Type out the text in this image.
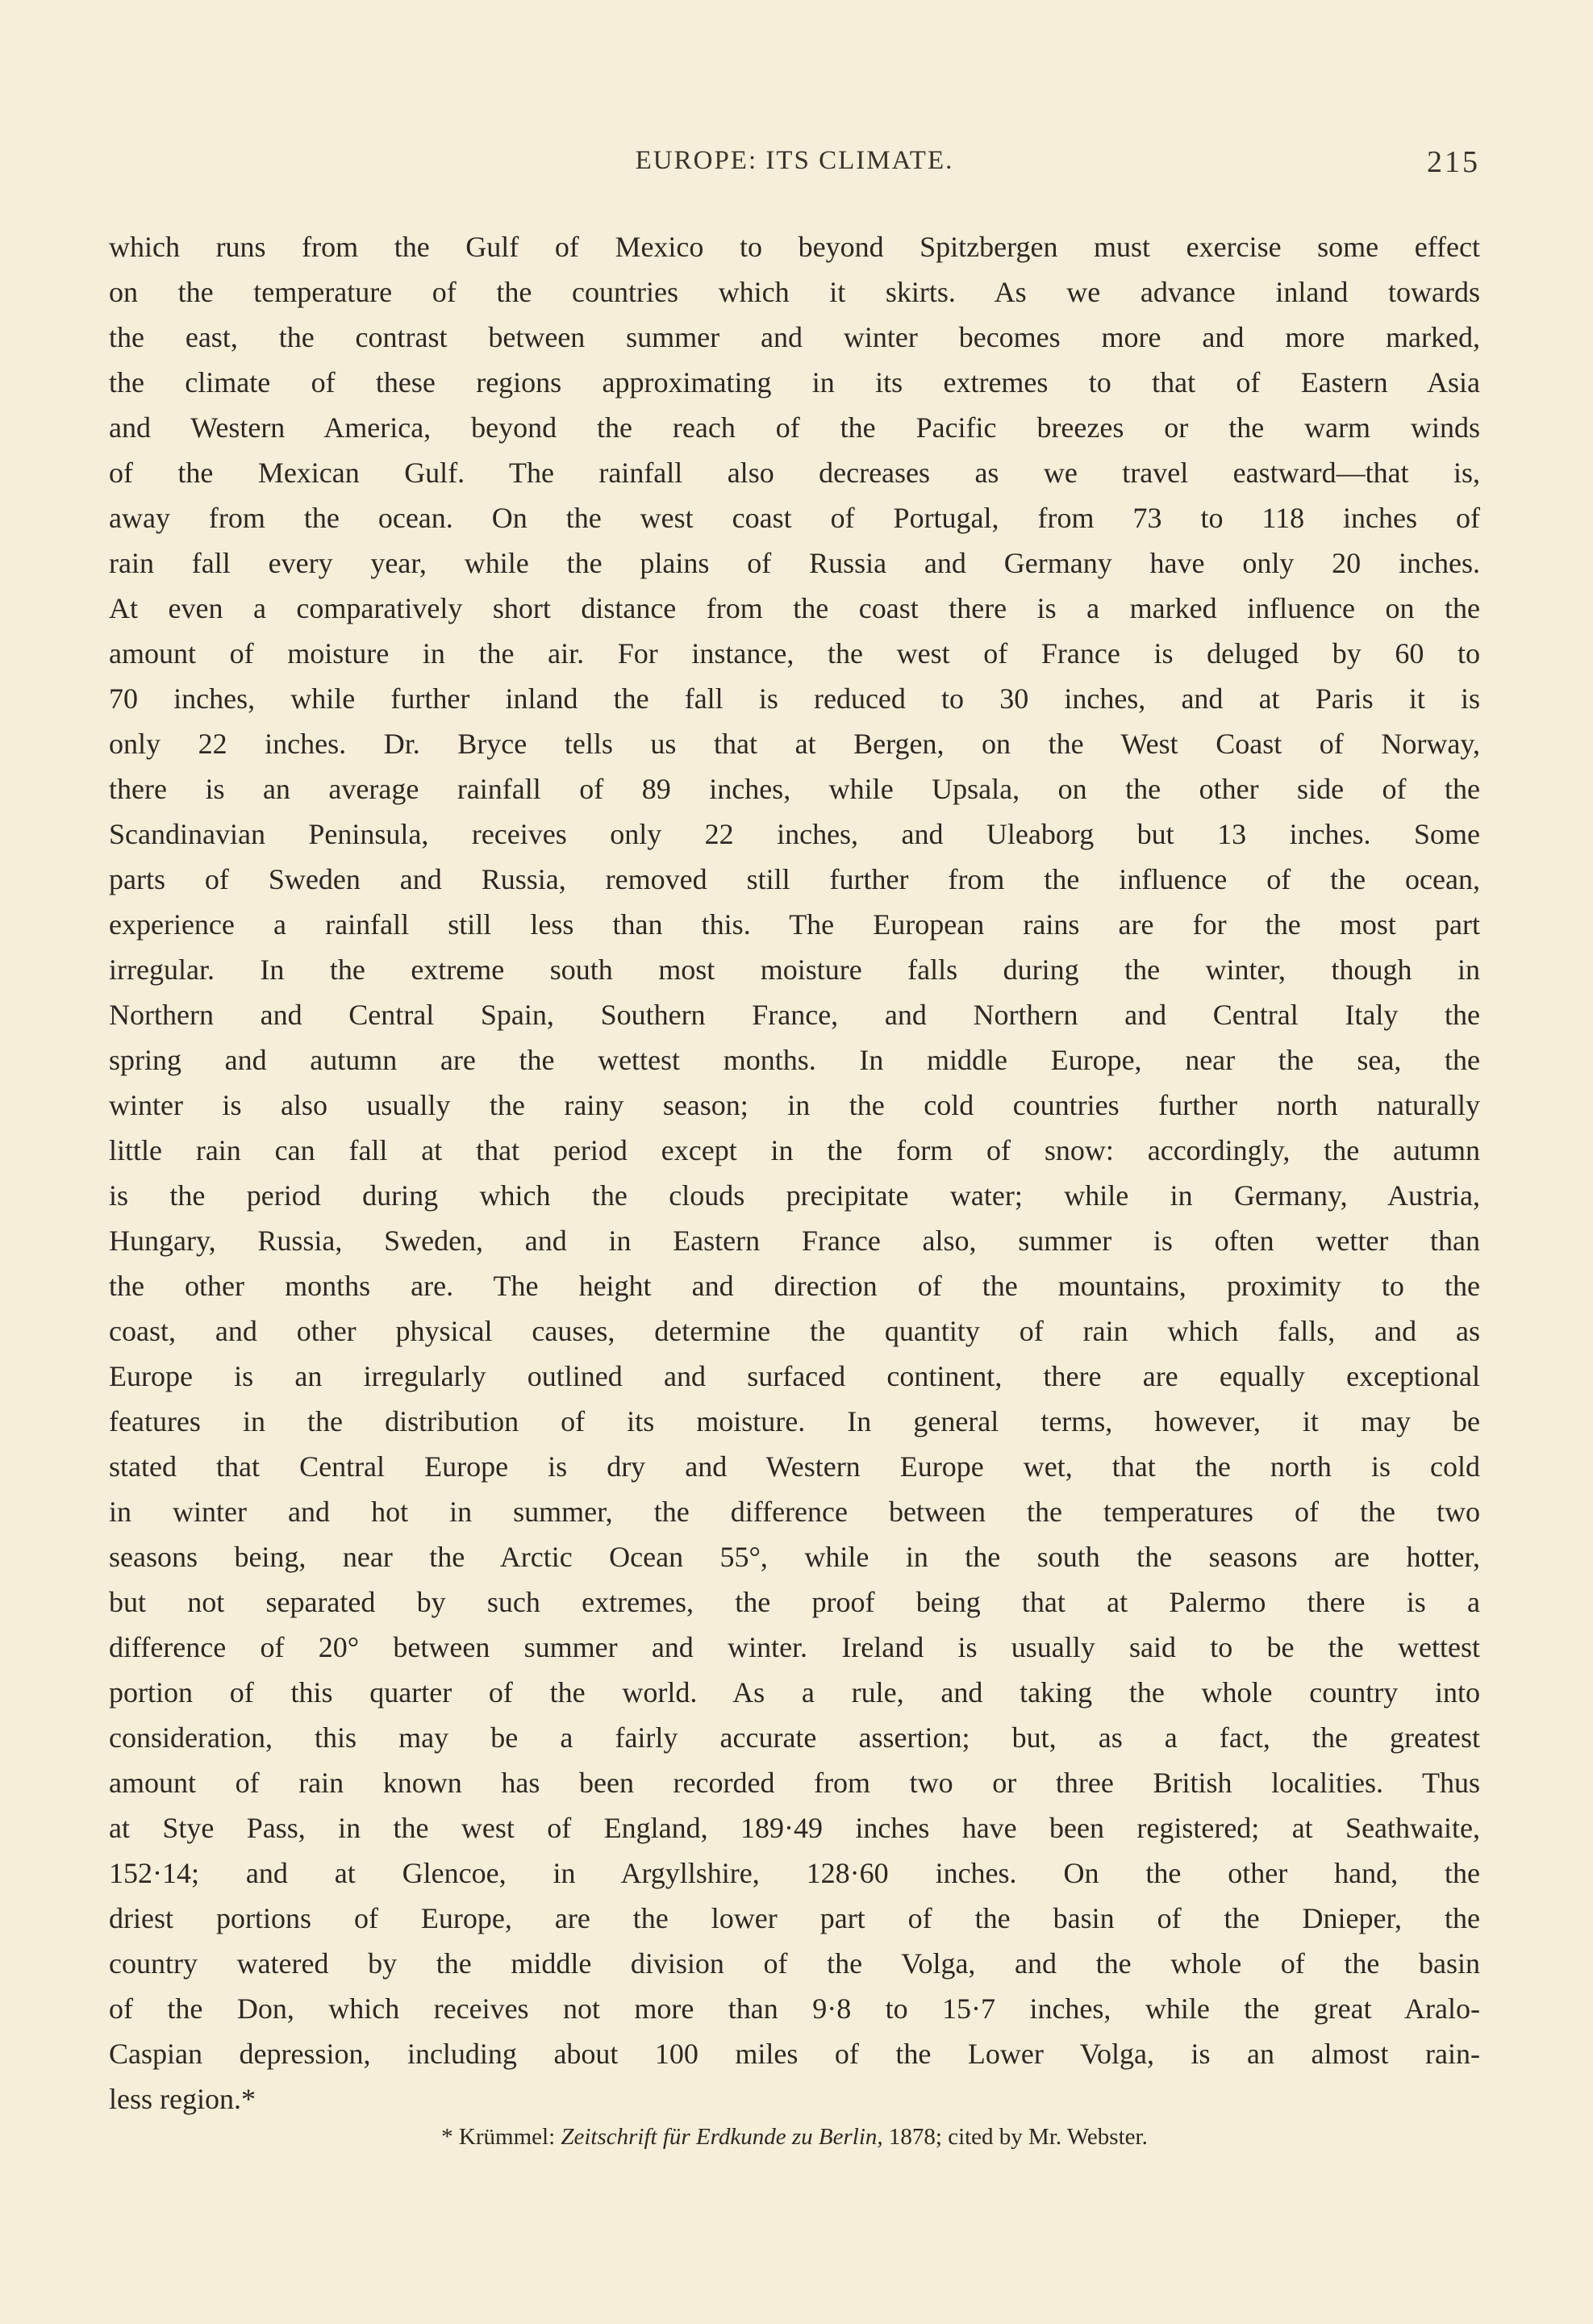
EUROPE: ITS CLIMATE.	215
which runs from the Gulf of Mexico to beyond Spitzbergen must exercise some effect
on the temperature of the countries which it skirts. As we advance inland towards
the east, the contrast between summer and winter becomes more and more marked,
the climate of these regions approximating in its extremes to that of Eastern Asia
and Western America, beyond the reach of the Pacific breezes or the warm winds
of the Mexican Gulf. The rainfall also decreases as we travel eastward—that is,
away from the ocean. On the west coast of Portugal, from 73 to 118 inches of
rain fall every year, while the plains of Russia and Germany have only 20 inches.
At even a comparatively short distance from the coast there is a marked influence on the
amount of moisture in the air. For instance, the west of France is deluged by 60 to
70 inches, while further inland the fall is reduced to 30 inches, and at Paris it is
only 22 inches. Dr. Bryce tells us that at Bergen, on the West Coast of Norway,
there is an average rainfall of 89 inches, while Upsala, on the other side of the
Scandinavian Peninsula, receives only 22 inches, and Uleaborg but 13 inches. Some
parts of Sweden and Russia, removed still further from the influence of the ocean,
experience a rainfall still less than this. The European rains are for the most part
irregular. In the extreme south most moisture falls during the winter, though in
Northern and Central Spain, Southern France, and Northern and Central Italy the
spring and autumn are the wettest months. In middle Europe, near the sea, the
winter is also usually the rainy season; in the cold countries further north naturally
little rain can fall at that period except in the form of snow: accordingly, the autumn
is the period during which the clouds precipitate water; while in Germany, Austria,
Hungary, Russia, Sweden, and in Eastern France also, summer is often wetter than
the other months are. The height and direction of the mountains, proximity to the
coast, and other physical causes, determine the quantity of rain which falls, and as
Europe is an irregularly outlined and surfaced continent, there are equally exceptional
features in the distribution of its moisture. In general terms, however, it may be
stated that Central Europe is dry and Western Europe wet, that the north is cold
in winter and hot in summer, the difference between the temperatures of the two
seasons being, near the Arctic Ocean 55°, while in the south the seasons are hotter,
but not separated by such extremes, the proof being that at Palermo there is a
difference of 20° between summer and winter. Ireland is usually said to be the wettest
portion of this quarter of the world. As a rule, and taking the whole country into
consideration, this may be a fairly accurate assertion; but, as a fact, the greatest
amount of rain known has been recorded from two or three British localities. Thus
at Stye Pass, in the west of England, 189·49 inches have been registered; at Seathwaite,
152·14; and at Glencoe, in Argyllshire, 128·60 inches. On the other hand, the
driest portions of Europe, are the lower part of the basin of the Dnieper, the
country watered by the middle division of the Volga, and the whole of the basin
of the Don, which receives not more than 9·8 to 15·7 inches, while the great Aralo-
Caspian depression, including about 100 miles of the Lower Volga, is an almost rain-
less region.*
* Krümmel: Zeitschrift für Erdkunde zu Berlin, 1878; cited by Mr. Webster.
